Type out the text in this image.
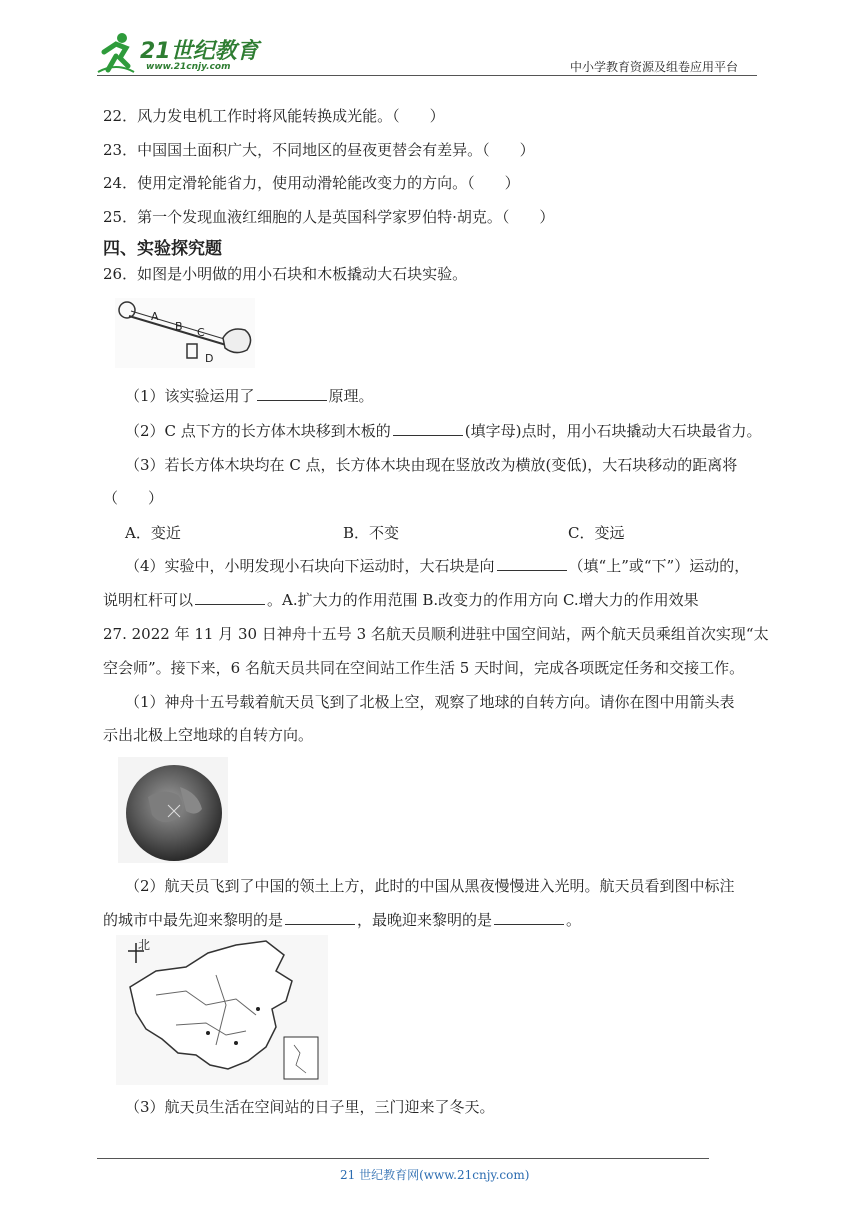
21世纪教育
www.21cnjy.com	中小学教育资源及组卷应用平台
22．风力发电机工作时将风能转换成光能。（　　）
23．中国国土面积广大，不同地区的昼夜更替会有差异。（　　）
24．使用定滑轮能省力，使用动滑轮能改变力的方向。（　　）
25．第一个发现血液红细胞的人是英国科学家罗伯特·胡克。（　　）
四、实验探究题
26．如图是小明做的用小石块和木板撬动大石块实验。
A
B C
D
（1）该实验运用了	原理。
（2）C 点下方的长方体木块移到木板的	(填字母)点时，用小石块撬动大石块最省力。
（3）若长方体木块均在 C 点，长方体木块由现在竖放改为横放(变低)，大石块移动的距离将
（　　）
A．变近	B．不变	C．变远
（4）实验中，小明发现小石块向下运动时，大石块是向	（填“上”或“下”）运动的，
说明杠杆可以	。A.扩大力的作用范围 B.改变力的作用方向 C.增大力的作用效果
27. 2022 年 11 月 30 日神舟十五号 3 名航天员顺利进驻中国空间站，两个航天员乘组首次实现“太
空会师”。接下来，6 名航天员共同在空间站工作生活 5 天时间，完成各项既定任务和交接工作。
（1）神舟十五号载着航天员飞到了北极上空，观察了地球的自转方向。请你在图中用箭头表
示出北极上空地球的自转方向。
（2）航天员飞到了中国的领土上方，此时的中国从黑夜慢慢进入光明。航天员看到图中标注
的城市中最先迎来黎明的是	，最晚迎来黎明的是	。
北
（3）航天员生活在空间站的日子里，三门迎来了冬天。
21 世纪教育网(www.21cnjy.com)
